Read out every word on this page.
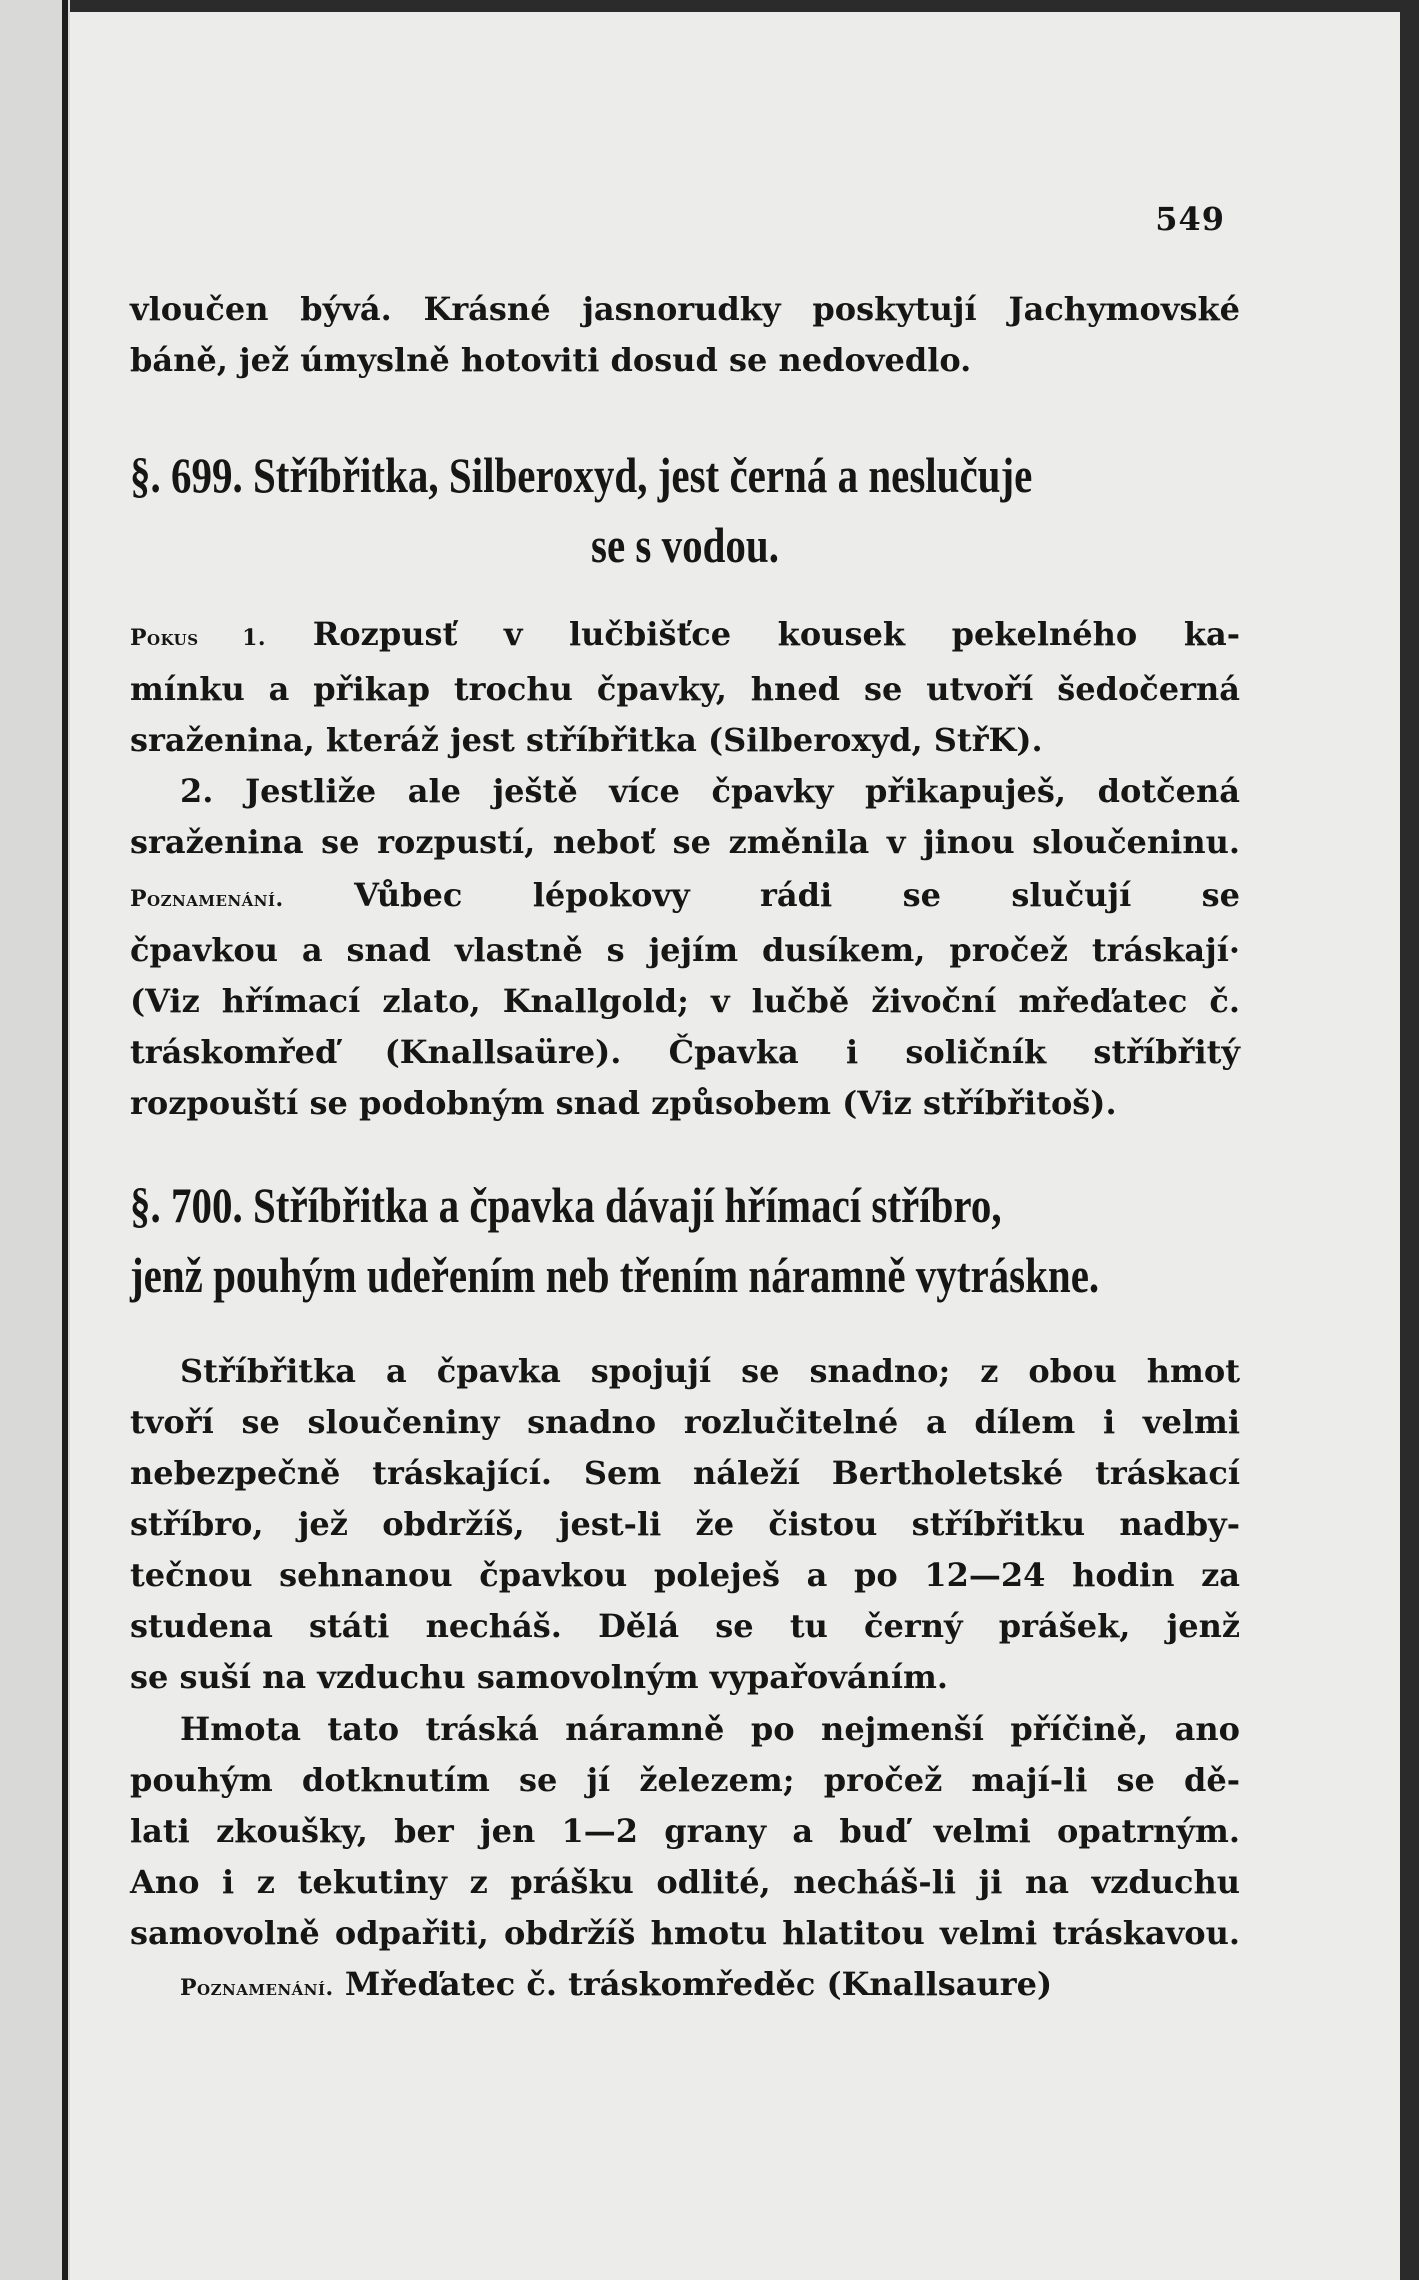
549
vloučen bývá. Krásné jasnorudky poskytují Jachymovské
báně, jež úmyslně hotoviti dosud se nedovedlo.
§. 699. Stříbřitka, Silberoxyd, jest černá a neslučuje
se s vodou.
Pokus 1. Rozpusť v lučbišťce kousek pekelného ka-
mínku a přikap trochu čpavky, hned se utvoří šedočerná
sraženina, kteráž jest stříbřitka (Silberoxyd, StřK).
2. Jestliže ale ještě více čpavky přikapuješ, dotčená
sraženina se rozpustí, neboť se změnila v jinou sloučeninu.
Poznamenání. Vůbec lépokovy rádi se slučují se
čpavkou a snad vlastně s jejím dusíkem, pročež tráskají·
(Viz hřímací zlato, Knallgold; v lučbě živoční mřeďatec č.
tráskomřeď (Knallsaüre). Čpavka i soličník stříbřitý
rozpouští se podobným snad způsobem (Viz stříbřitoš).
§. 700. Stříbřitka a čpavka dávají hřímací stříbro,
jenž pouhým udeřením neb třením náramně vytráskne.
Stříbřitka a čpavka spojují se snadno; z obou hmot
tvoří se sloučeniny snadno rozlučitelné a dílem i velmi
nebezpečně tráskající. Sem náleží Bertholetské tráskací
stříbro, jež obdržíš, jest-li že čistou stříbřitku nadby-
tečnou sehnanou čpavkou poleješ a po 12—24 hodin za
studena státi necháš. Dělá se tu černý prášek, jenž
se suší na vzduchu samovolným vypařováním.
Hmota tato tráská náramně po nejmenší příčině, ano
pouhým dotknutím se jí železem; pročež mají-li se dě-
lati zkoušky, ber jen 1—2 grany a buď velmi opatrným.
Ano i z tekutiny z prášku odlité, necháš-li ji na vzduchu
samovolně odpařiti, obdržíš hmotu hlatitou velmi tráskavou.
Poznamenání. Mřeďatec č. tráskomředěc (Knallsaure)
